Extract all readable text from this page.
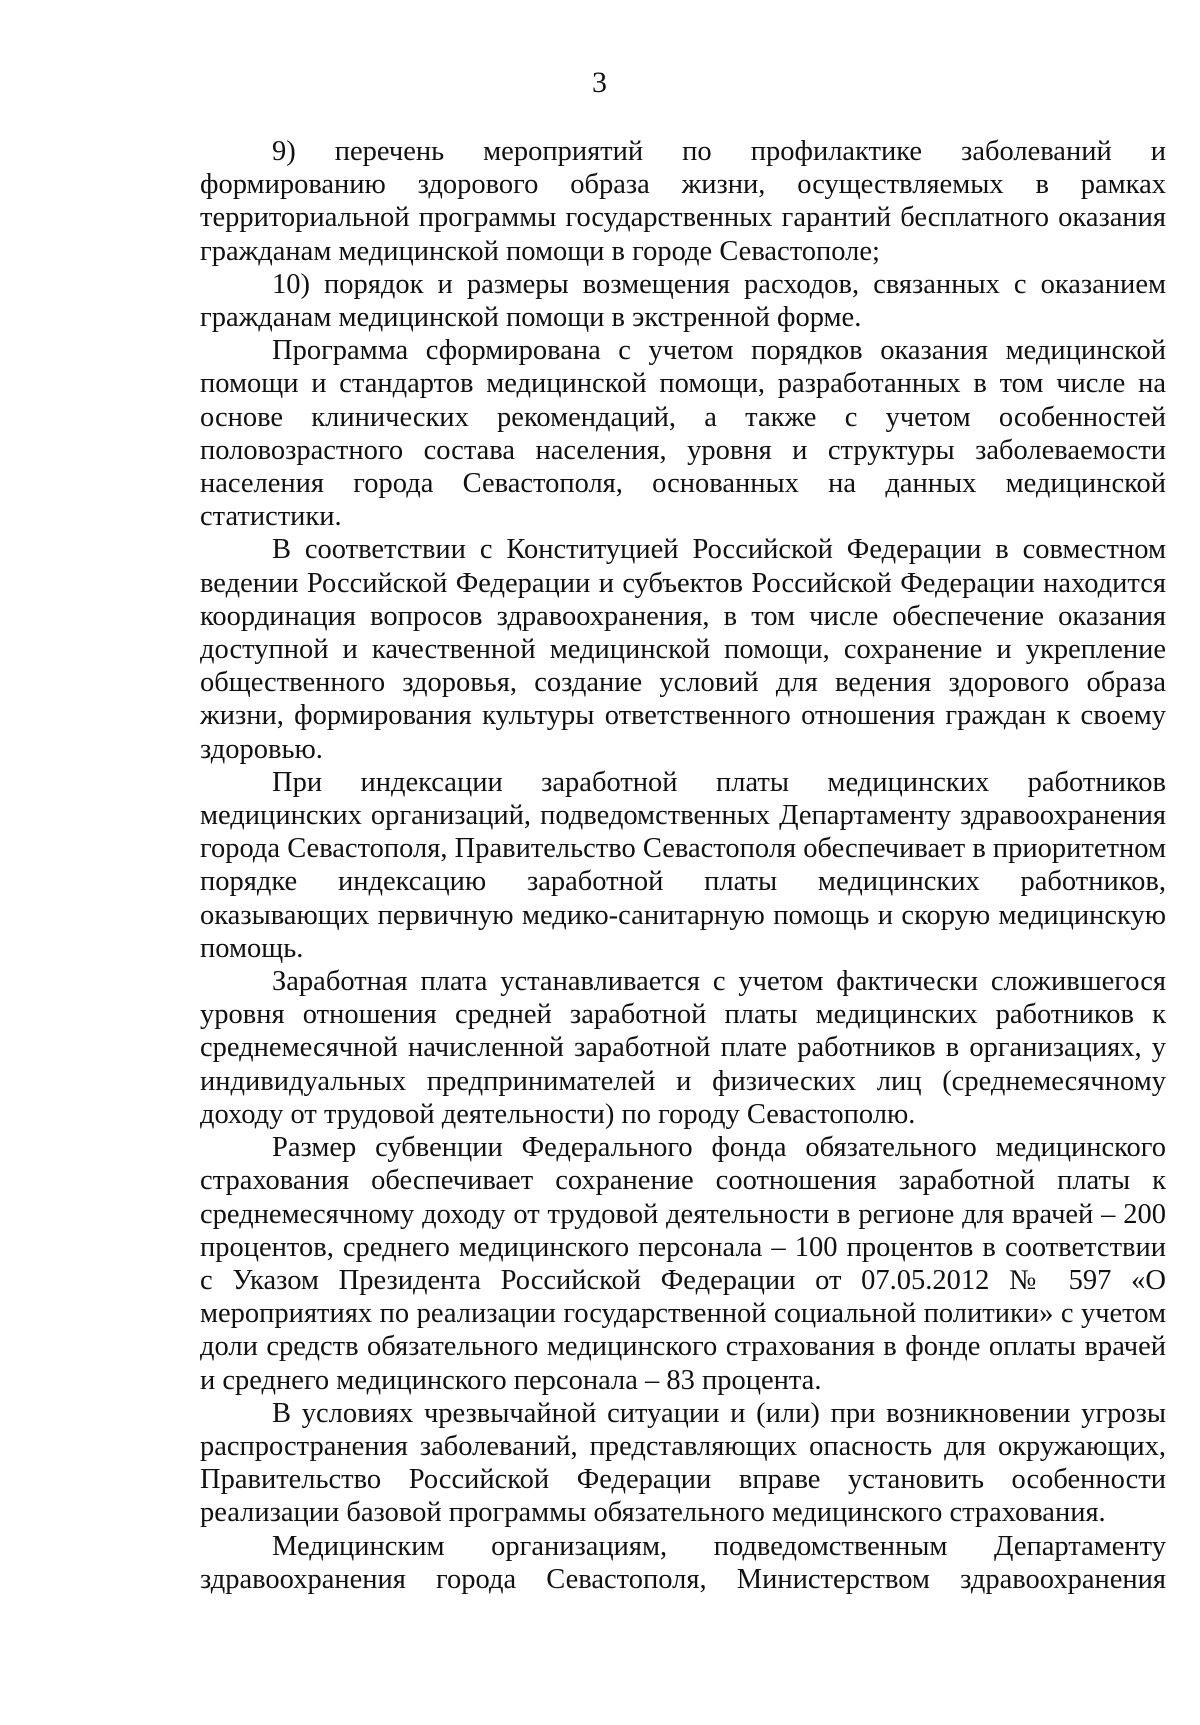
3

9) перечень мероприятий по профилактике заболеваний и формированию здорового образа жизни, осуществляемых в рамках территориальной программы государственных гарантий бесплатного оказания гражданам медицинской помощи в городе Севастополе;

10) порядок и размеры возмещения расходов, связанных с оказанием гражданам медицинской помощи в экстренной форме.

Программа сформирована с учетом порядков оказания медицинской помощи и стандартов медицинской помощи, разработанных в том числе на основе клинических рекомендаций, а также с учетом особенностей половозрастного состава населения, уровня и структуры заболеваемости населения города Севастополя, основанных на данных медицинской статистики.

В соответствии с Конституцией Российской Федерации в совместном ведении Российской Федерации и субъектов Российской Федерации находится координация вопросов здравоохранения, в том числе обеспечение оказания доступной и качественной медицинской помощи, сохранение и укрепление общественного здоровья, создание условий для ведения здорового образа жизни, формирования культуры ответственного отношения граждан к своему здоровью.

При индексации заработной платы медицинских работников медицинских организаций, подведомственных Департаменту здравоохранения города Севастополя, Правительство Севастополя обеспечивает в приоритетном порядке индексацию заработной платы медицинских работников, оказывающих первичную медико-санитарную помощь и скорую медицинскую помощь.

Заработная плата устанавливается с учетом фактически сложившегося уровня отношения средней заработной платы медицинских работников к среднемесячной начисленной заработной плате работников в организациях, у индивидуальных предпринимателей и физических лиц (среднемесячному доходу от трудовой деятельности) по городу Севастополю.

Размер субвенции Федерального фонда обязательного медицинского страхования обеспечивает сохранение соотношения заработной платы к среднемесячному доходу от трудовой деятельности в регионе для врачей – 200 процентов, среднего медицинского персонала – 100 процентов в соответствии с Указом Президента Российской Федерации от 07.05.2012 № 597 «О мероприятиях по реализации государственной социальной политики» с учетом доли средств обязательного медицинского страхования в фонде оплаты врачей и среднего медицинского персонала – 83 процента.

В условиях чрезвычайной ситуации и (или) при возникновении угрозы распространения заболеваний, представляющих опасность для окружающих, Правительство Российской Федерации вправе установить особенности реализации базовой программы обязательного медицинского страхования.

Медицинским организациям, подведомственным Департаменту здравоохранения города Севастополя, Министерством здравоохранения
